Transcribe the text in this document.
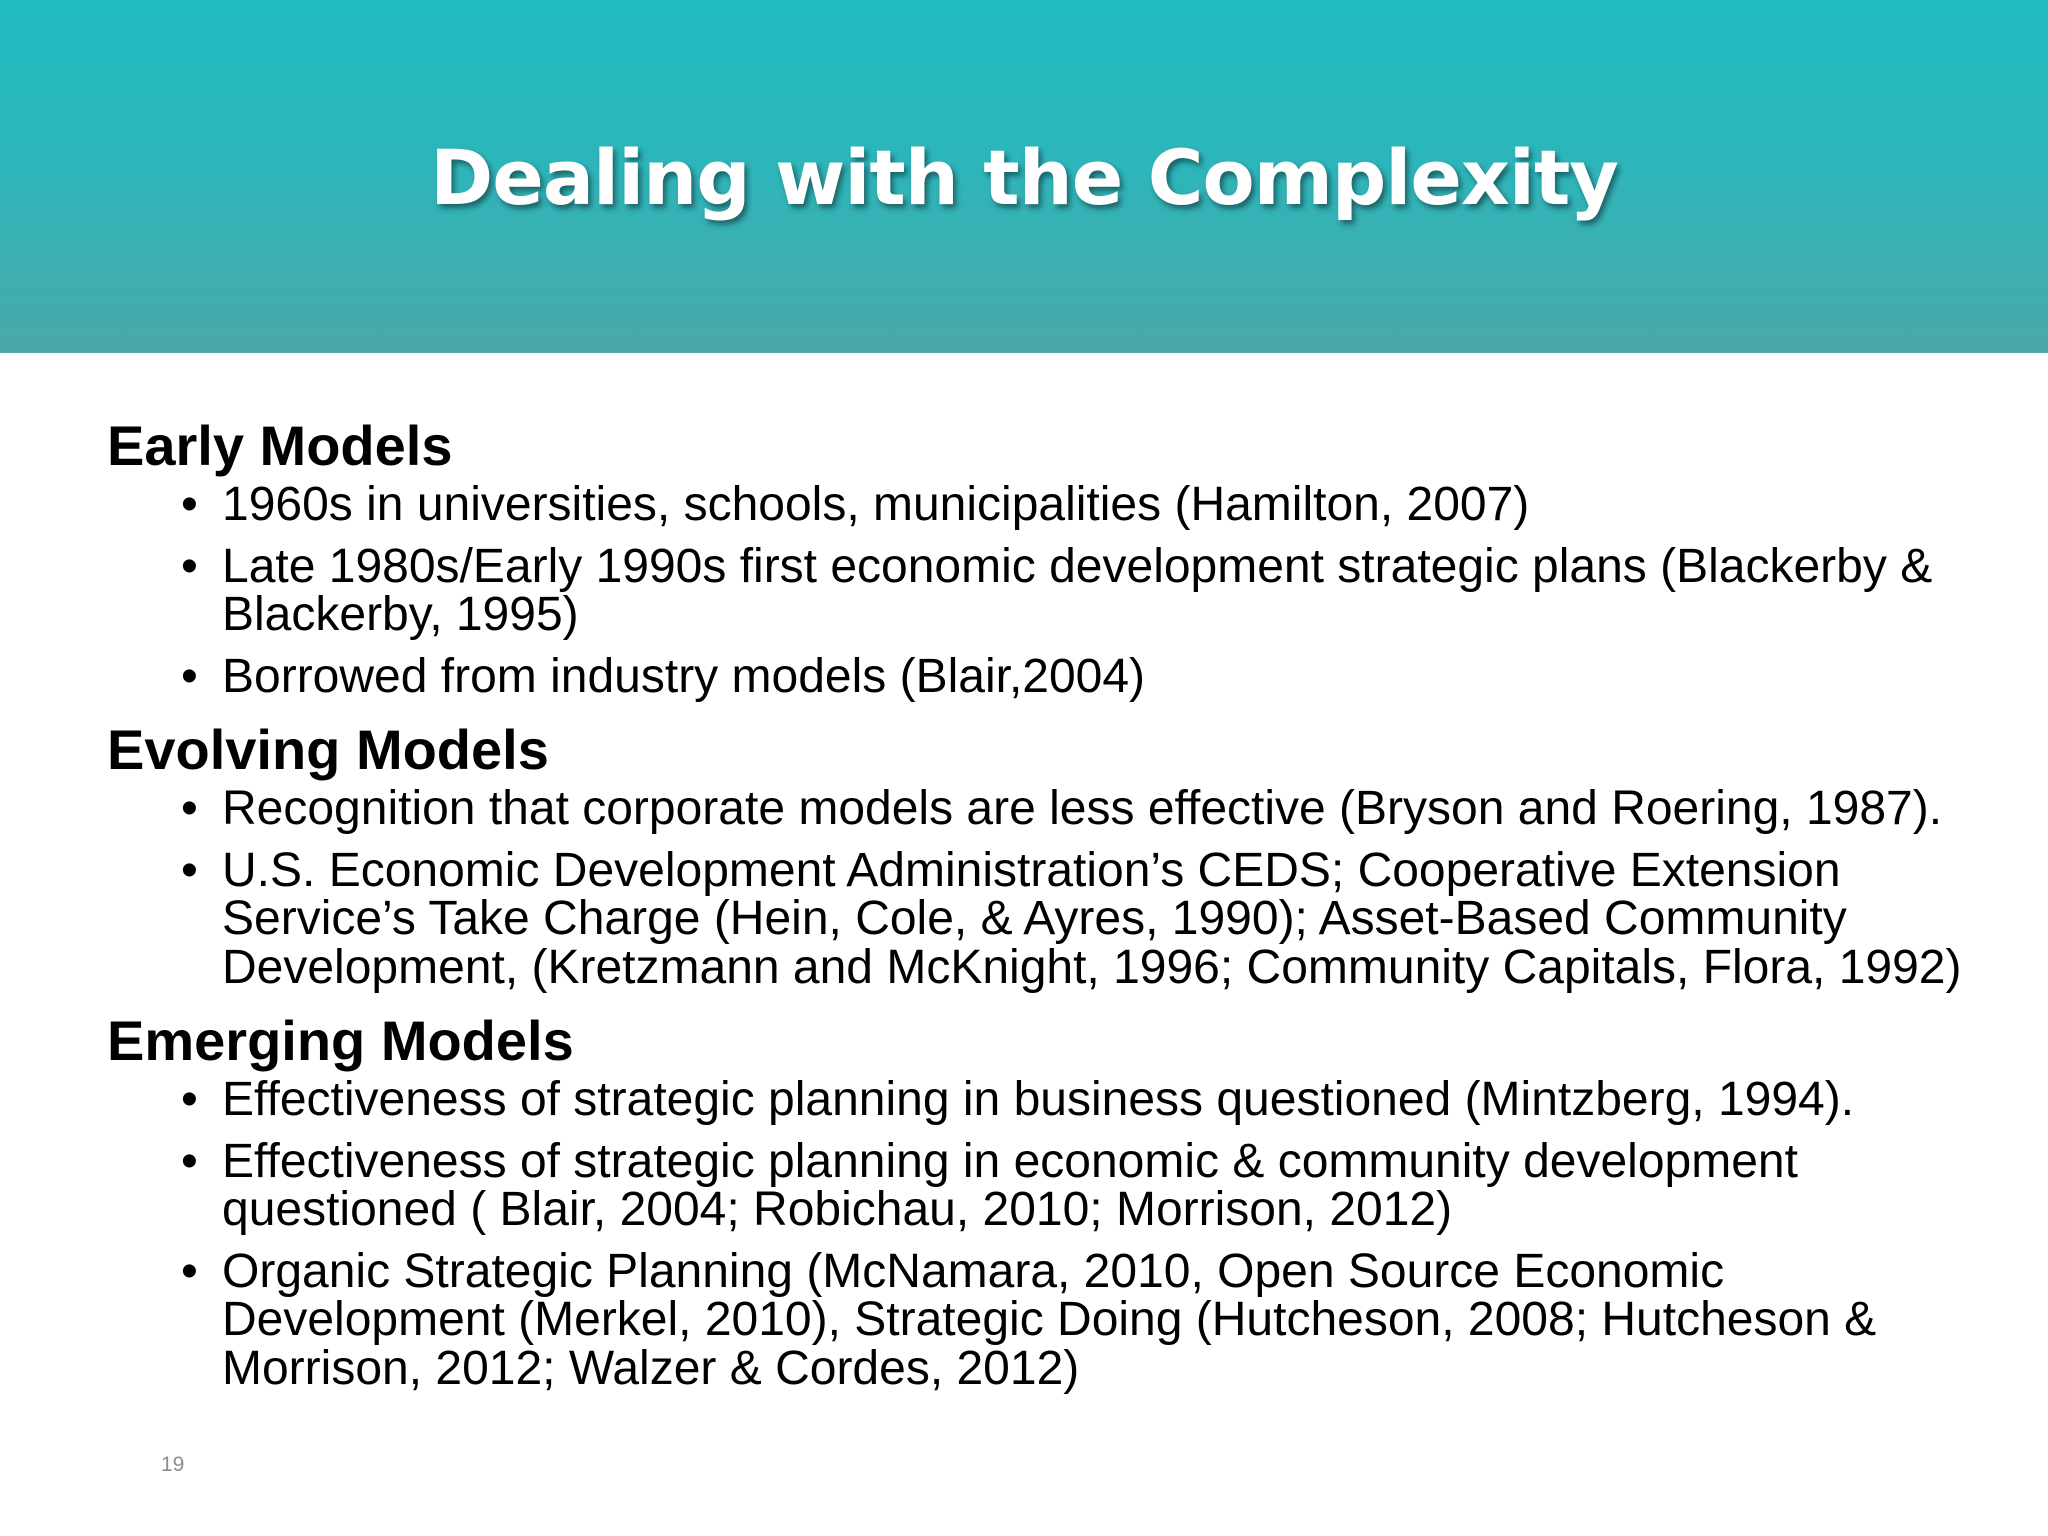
Dealing with the Complexity
Early Models
• 1960s in universities, schools, municipalities (Hamilton, 2007)
• Late 1980s/Early 1990s first economic development strategic plans (Blackerby & Blackerby, 1995)
• Borrowed from industry models (Blair,2004)
Evolving Models
• Recognition that corporate models are less effective (Bryson and Roering, 1987).
• U.S. Economic Development Administration’s CEDS; Cooperative Extension Service’s Take Charge (Hein, Cole, & Ayres, 1990); Asset-Based Community Development, (Kretzmann and McKnight, 1996; Community Capitals, Flora, 1992)
Emerging Models
• Effectiveness of strategic planning in business questioned (Mintzberg, 1994).
• Effectiveness of strategic planning in economic & community development questioned ( Blair, 2004; Robichau, 2010; Morrison, 2012)
• Organic Strategic Planning (McNamara, 2010, Open Source Economic Development (Merkel, 2010), Strategic Doing (Hutcheson, 2008; Hutcheson & Morrison, 2012; Walzer & Cordes, 2012)
19
